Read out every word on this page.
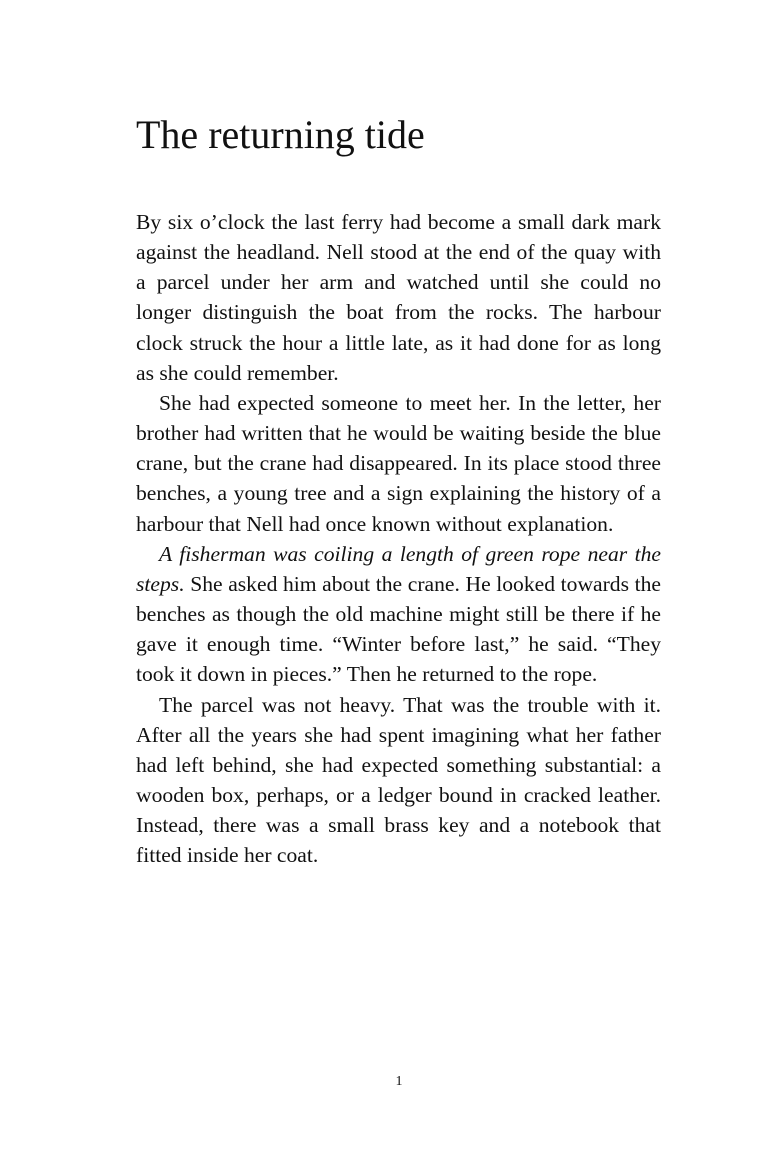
The returning tide

By six o’clock the last ferry had become a small dark mark against the headland. Nell stood at the end of the quay with a parcel under her arm and watched until she could no longer distinguish the boat from the rocks. The harbour clock struck the hour a little late, as it had done for as long as she could remember.

She had expected someone to meet her. In the letter, her brother had written that he would be waiting beside the blue crane, but the crane had disappeared. In its place stood three benches, a young tree and a sign explaining the history of a harbour that Nell had once known without explanation.

A fisherman was coiling a length of green rope near the steps. She asked him about the crane. He looked towards the benches as though the old machine might still be there if he gave it enough time. “Winter before last,” he said. “They took it down in pieces.” Then he returned to the rope.

The parcel was not heavy. That was the trouble with it. After all the years she had spent imagining what her father had left behind, she had expected something substantial: a wooden box, perhaps, or a ledger bound in cracked leather. Instead, there was a small brass key and a notebook that fitted inside her coat.

1
